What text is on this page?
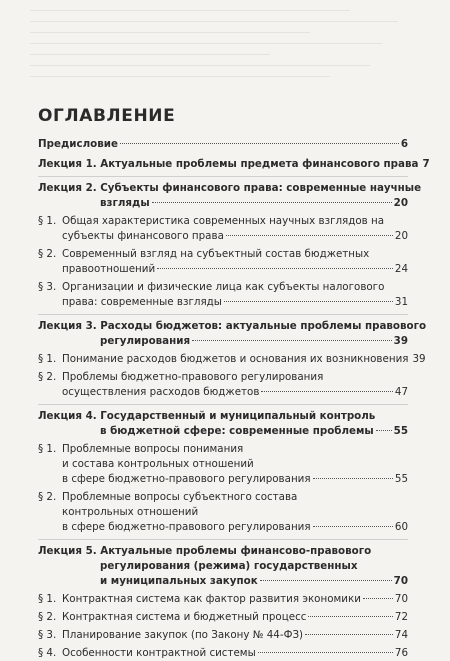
ОГЛАВЛЕНИЕ
Предисловие	6
Лекция 1. Актуальные проблемы предмета финансового права 7
Лекция 2. Субъекты финансового права: современные научные
взгляды	20
§ 1. Общая характеристика современных научных взглядов на
субъекты финансового права	20
§ 2. Современный взгляд на субъектный состав бюджетных
правоотношений	24
§ 3. Организации и физические лица как субъекты налогового
права: современные взгляды	31
Лекция 3. Расходы бюджетов: актуальные проблемы правового
регулирования	39
§ 1. Понимание расходов бюджетов и основания их возникновения 39
§ 2. Проблемы бюджетно-правового регулирования
осуществления расходов бюджетов	47
Лекция 4. Государственный и муниципальный контроль
в бюджетной сфере: современные проблемы 55
§ 1. Проблемные вопросы понимания
и состава контрольных отношений
в сфере бюджетно-правового регулирования	55
§ 2. Проблемные вопросы субъектного состава
контрольных отношений
в сфере бюджетно-правового регулирования	60
Лекция 5. Актуальные проблемы финансово-правового
регулирования (режима) государственных
и муниципальных закупок	70
§ 1. Контрактная система как фактор развития экономики	70
§ 2. Контрактная система и бюджетный процесс	72
§ 3. Планирование закупок (по Закону № 44-ФЗ)	74
§ 4. Особенности контрактной системы	76
